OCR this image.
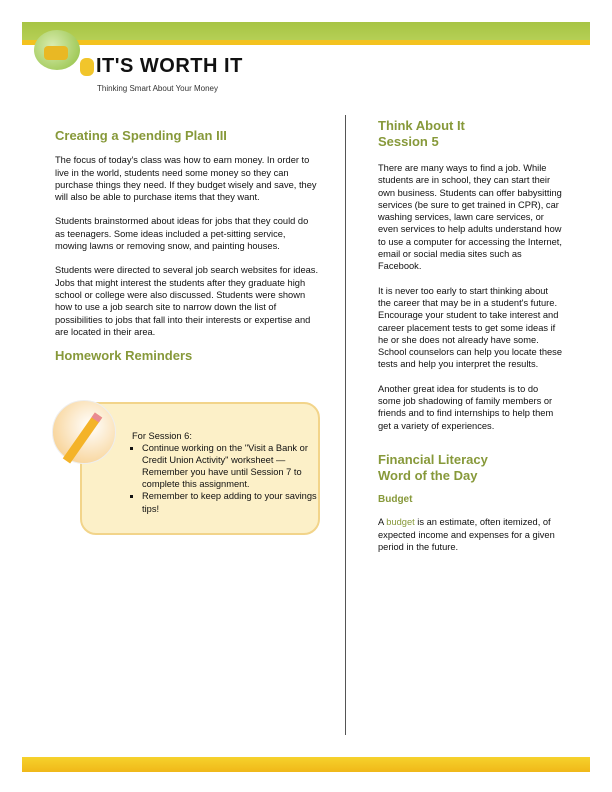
IT'S WORTH IT
Thinking Smart About Your Money
Creating a Spending Plan III

The focus of today's class was how to earn money. In order to live in the world, students need some money so they can purchase things they need. If they budget wisely and save, they will also be able to purchase items that they want.

Students brainstormed about ideas for jobs that they could do as teenagers. Some ideas included a pet-sitting service, mowing lawns or removing snow, and painting houses.

Students were directed to several job search websites for ideas. Jobs that might interest the students after they graduate high school or college were also discussed. Students were shown how to use a job search site to narrow down the list of possibilities to jobs that fall into their interests or expertise and are located in their area.

Homework Reminders
For Session 6:
▪ Continue working on the "Visit a Bank or Credit Union Activity" worksheet — Remember you have until Session 7 to complete this assignment.
▪ Remember to keep adding to your savings tips!
Think About It Session 5

There are many ways to find a job. While students are in school, they can start their own business. Students can offer babysitting services (be sure to get trained in CPR), car washing services, lawn care services, or even services to help adults understand how to use a computer for accessing the Internet, email or social media sites such as Facebook.

It is never too early to start thinking about the career that may be in a student's future. Encourage your student to take interest and career placement tests to get some ideas if he or she does not already have some. School counselors can help you locate these tests and help you interpret the results.

Another great idea for students is to do some job shadowing of family members or friends and to find internships to help them get a variety of experiences.

Financial Literacy Word of the Day
Budget

A budget is an estimate, often itemized, of expected income and expenses for a given period in the future.
